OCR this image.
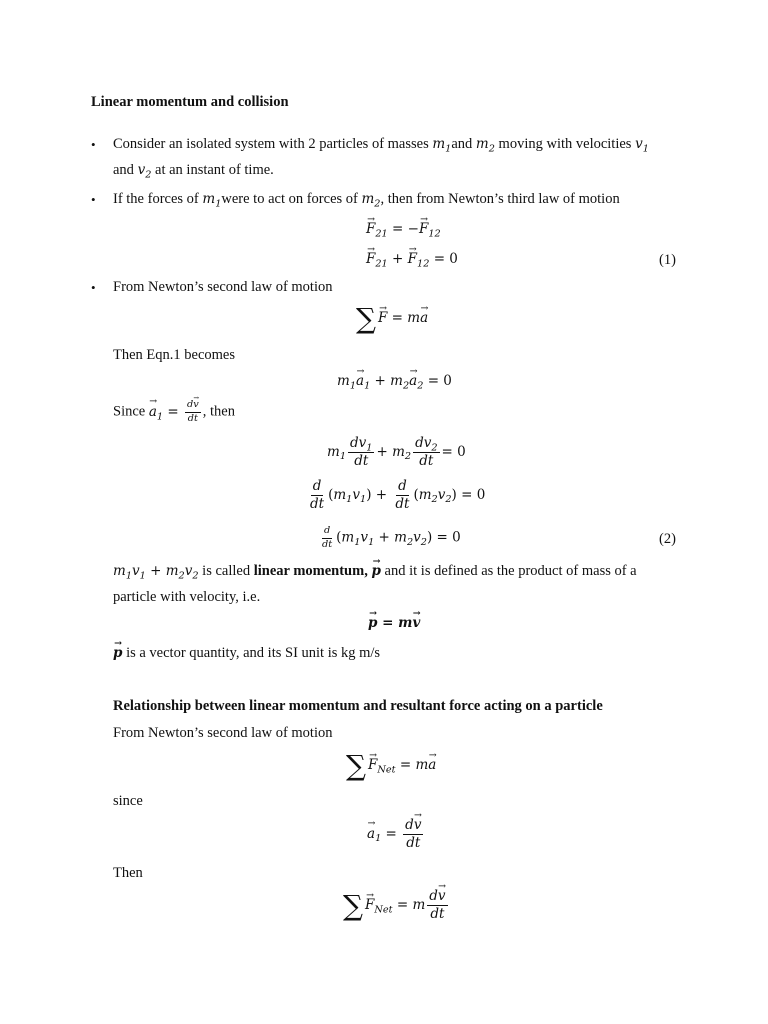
Linear momentum and collision
• Consider an isolated system with 2 particles of masses $m_1and$ $m_2$ moving with velocities $v_1$
and $v_2$ at an instant of time.
• If the forces of $m_1were$ to act on forces of $m_2$, then from Newton’s third law of motion
→ $F_{21}$ = −→ $F_{12}$
→ $F_{21}$ + → $F_{12} = 0$	(1)
• From Newton’s second law of motion
∑ → F = m→ a
Then Eqn.1 becomes
$m_1\to a_1 + m_2\to a_2 = 0$
Since → $a_1 = \frac{d\to v}{dt}$ , then
$m_1 \frac{dv_1}{dt} + m_2 \frac{dv_2}{dt} = 0$
$\frac{d}{dt} (m_1v_1) + \frac{d}{dt} (m_2v_2) = 0$
$\frac{d}{dt} (m_1v_1 + m_2v_2) = 0$	(2)
$m_1v_1 + m_2v_2$ is called linear momentum, → p and it is defined as the product of mass of a
particle with velocity, i.e.
→ p = m→ v
→ p is a vector quantity, and its SI unit is kg m/s
Relationship between linear momentum and resultant force acting on a particle
From Newton’s second law of motion
∑ → $F_{Net} = m\to a$
since
→ $a_1 = \frac{d\to v}{dt}$
Then
∑ → $F_{Net} = m \frac{d\to v}{dt}$
